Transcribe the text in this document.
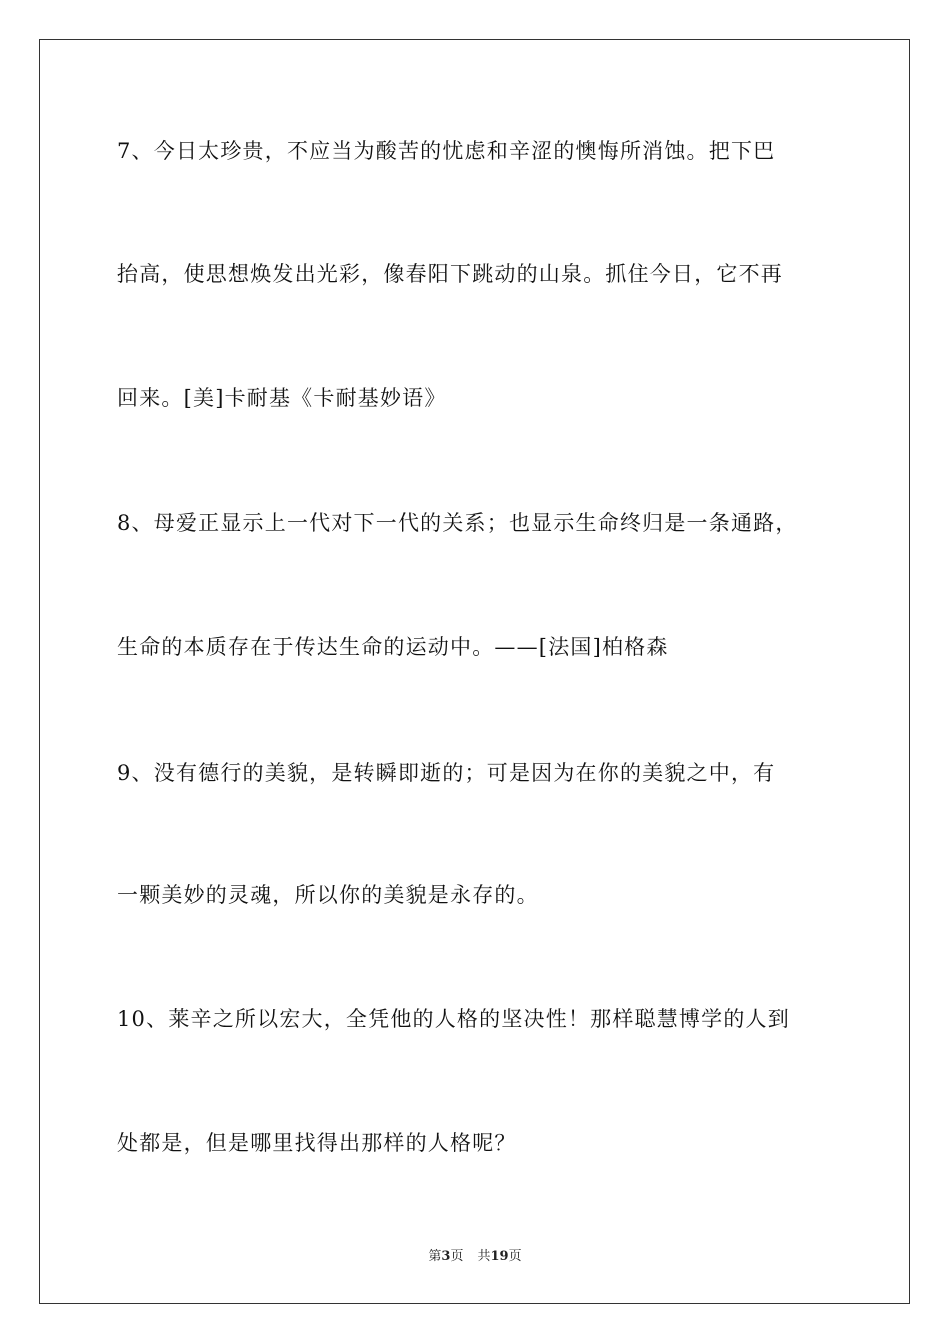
7、今日太珍贵，不应当为酸苦的忧虑和辛涩的懊悔所消蚀。把下巴
抬高，使思想焕发出光彩，像春阳下跳动的山泉。抓住今日，它不再
回来。[美]卡耐基《卡耐基妙语》
8、母爱正显示上一代对下一代的关系；也显示生命终归是一条通路，
生命的本质存在于传达生命的运动中。——[法国]柏格森
9、没有德行的美貌，是转瞬即逝的；可是因为在你的美貌之中，有
一颗美妙的灵魂，所以你的美貌是永存的。
10、莱辛之所以宏大，全凭他的人格的坚决性！那样聪慧博学的人到
处都是，但是哪里找得出那样的人格呢？
第3页 共19页
